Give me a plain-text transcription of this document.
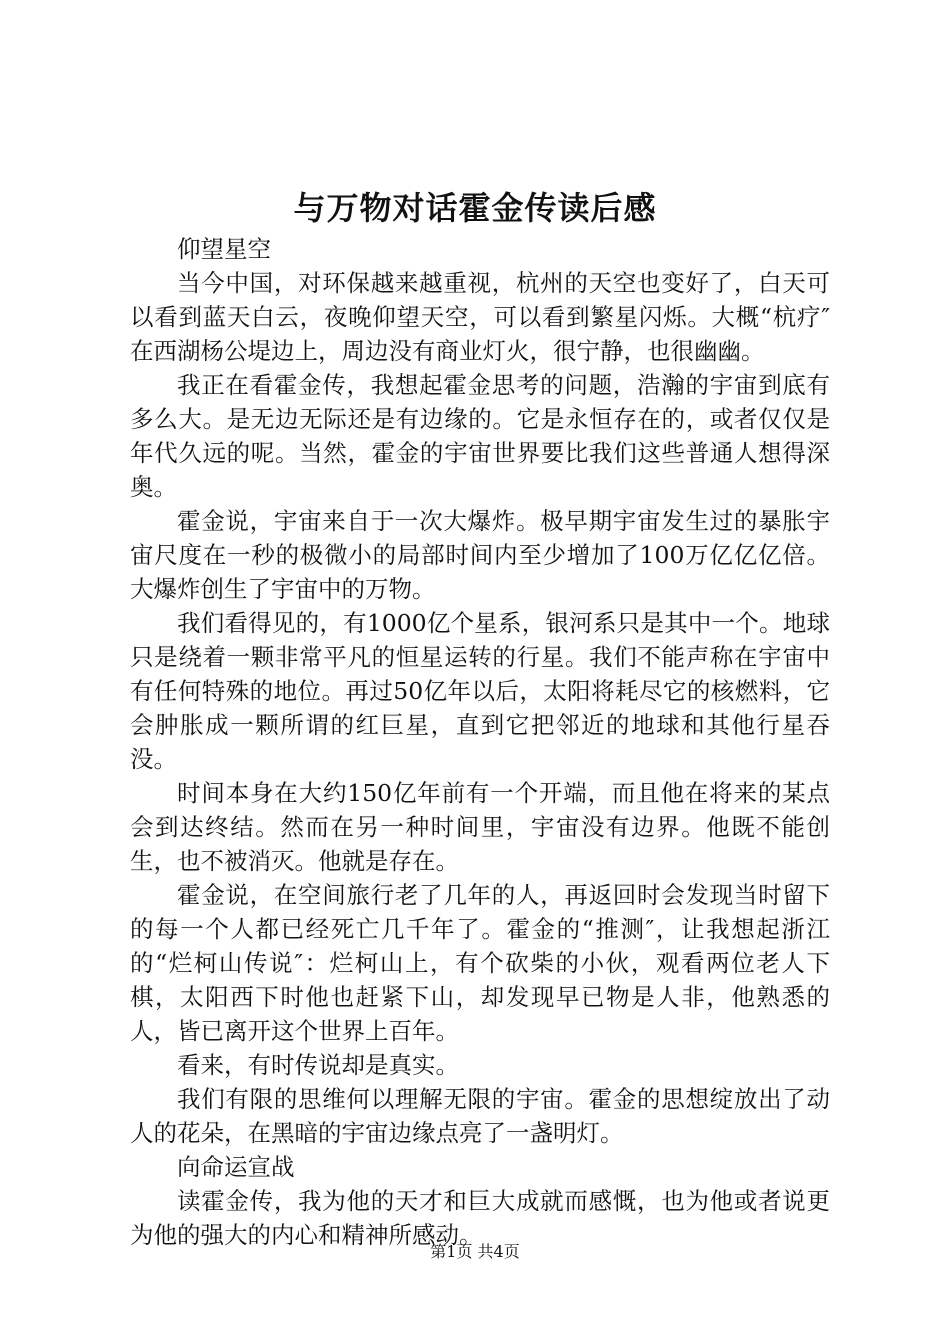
与万物对话霍金传读后感

仰望星空

当今中国，对环保越来越重视，杭州的天空也变好了，白天可以看到蓝天白云，夜晚仰望天空，可以看到繁星闪烁。大概“杭疗″在西湖杨公堤边上，周边没有商业灯火，很宁静，也很幽幽。

我正在看霍金传，我想起霍金思考的问题，浩瀚的宇宙到底有多么大。是无边无际还是有边缘的。它是永恒存在的，或者仅仅是年代久远的呢。当然，霍金的宇宙世界要比我们这些普通人想得深奥。

霍金说，宇宙来自于一次大爆炸。极早期宇宙发生过的暴胀宇宙尺度在一秒的极微小的局部时间内至少增加了100万亿亿亿倍。大爆炸创生了宇宙中的万物。

我们看得见的，有1000亿个星系，银河系只是其中一个。地球只是绕着一颗非常平凡的恒星运转的行星。我们不能声称在宇宙中有任何特殊的地位。再过50亿年以后，太阳将耗尽它的核燃料，它会肿胀成一颗所谓的红巨星，直到它把邻近的地球和其他行星吞没。

时间本身在大约150亿年前有一个开端，而且他在将来的某点会到达终结。然而在另一种时间里，宇宙没有边界。他既不能创生，也不被消灭。他就是存在。

霍金说，在空间旅行老了几年的人，再返回时会发现当时留下的每一个人都已经死亡几千年了。霍金的“推测″，让我想起浙江的“烂柯山传说″：烂柯山上，有个砍柴的小伙，观看两位老人下棋，太阳西下时他也赶紧下山，却发现早已物是人非，他熟悉的人，皆已离开这个世界上百年。

看来，有时传说却是真实。

我们有限的思维何以理解无限的宇宙。霍金的思想绽放出了动人的花朵，在黑暗的宇宙边缘点亮了一盏明灯。

向命运宣战

读霍金传，我为他的天才和巨大成就而感慨，也为他或者说更为他的强大的内心和精神所感动。

第1页 共4页
